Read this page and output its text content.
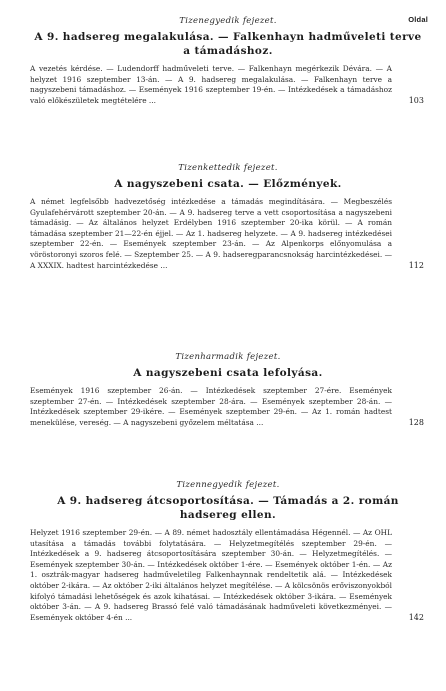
Oldal
Tizenegyedik fejezet.
A 9. hadsereg megalakulása. — Falkenhayn hadműveleti terve a támadáshoz.
A vezetés kérdése. — Ludendorff hadműveleti terve. — Falkenhayn megérkezik Dévára. — A helyzet 1916 szeptember 13-án. — A 9. hadsereg megalakulása. — Falkenhayn terve a nagyszebeni támadáshoz. — Események 1916 szeptember 19-én. — Intézkedések a támadáshoz való előkészületek megtételére ...	103
Tizenkettedik fejezet.
A nagyszebeni csata. — Előzmények.
A német legfelsőbb hadvezetőség intézkedése a támadás megindítására. — Megbeszélés Gyulafehérvárott szeptember 20-án. — A 9. hadsereg terve a vett csoportosítása a nagyszebeni támadásig. — Az általános helyzet Erdélyben 1916 szeptember 20-ika körül. — A román támadása szeptember 21—22-én éjjel. — Az 1. hadsereg helyzete. — A 9. hadsereg intézkedései szeptember 22-én. — Események szeptember 23-án. — Az Alpenkorps előnyomulása a vöröstoronyi szoros felé. — Szeptember 25. — A 9. hadseregparancsnokság harcintézkedései. — A XXXIX. hadtest harcintézkedése ...	112
Tizenharmadik fejezet.
A nagyszebeni csata lefolyása.
Események 1916 szeptember 26-án. — Intézkedések szeptember 27-ére. Események szeptember 27-én. — Intézkedések szeptember 28-ára. — Események szeptember 28-án. — Intézkedések szeptember 29-ikére. — Események szeptember 29-én. — Az 1. román hadtest menekülése, vereség. — A nagyszebeni győzelem méltatása ...	128
Tizennegyedik fejezet.
A 9. hadsereg átcsoportosítása. — Támadás a 2. román hadsereg ellen.
Helyzet 1916 szeptember 29-én. — A 89. német hadosztály ellentámadása Hégennél. — Az OHL utasítása a támadás további folytatására. — Helyzetmegítélés szeptember 29-én. — Intézkedések a 9. hadsereg átcsoportosítására szeptember 30-án. — Helyzetmegítélés. — Események szeptember 30-án. — Intézkedések október 1-ére. — Események október 1-én. — Az 1. osztrák-magyar hadsereg hadműveletileg Falkenhaynnak rendeltetik alá. — Intézkedések október 2-ikára. — Az október 2-iki általános helyzet megítélése. — A kölcsönös erőviszonyokból kifolyó támadási lehetőségek és azok kihatásai. — Intézkedések október 3-ikára. — Események október 3-án. — A 9. hadsereg Brassó felé való támadásának hadműveleti következményei. — Események október 4-én ...	142
